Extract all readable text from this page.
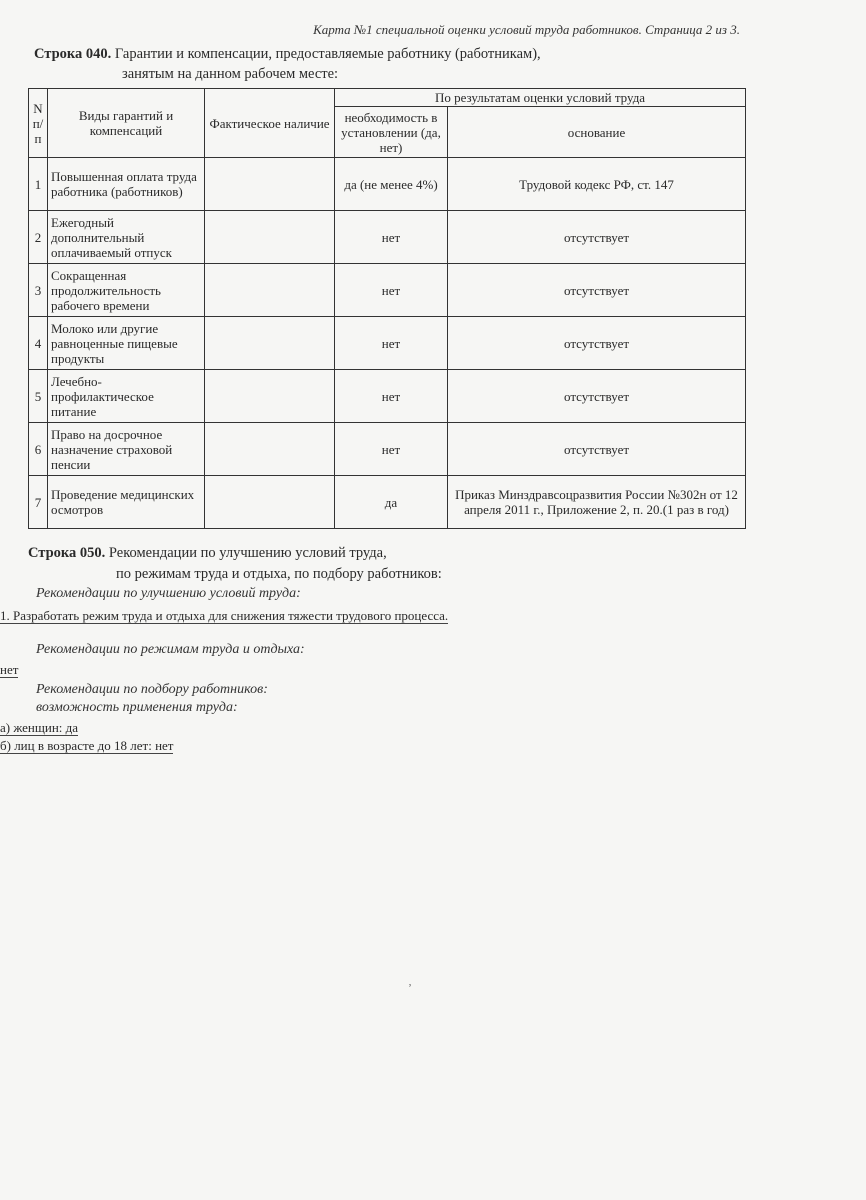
Карта №1 специальной оценки условий труда работников. Страница 2 из 3.
Строка 040. Гарантии и компенсации, предоставляемые работнику (работникам),
занятым на данном рабочем месте:
N п/п	Виды гарантий и компенсаций	Фактическое наличие	По результатам оценки условий труда	
			необходимость в установлении (да, нет)	основание
1	Повышенная оплата труда работника (работников)		да (не менее 4%)	Трудовой кодекс РФ, ст. 147
2	Ежегодный дополнительный оплачиваемый отпуск		нет	отсутствует
3	Сокращенная продолжительность рабочего времени		нет	отсутствует
4	Молоко или другие равноценные пищевые продукты		нет	отсутствует
5	Лечебно-профилактическое питание		нет	отсутствует
6	Право на досрочное назначение страховой пенсии		нет	отсутствует
7	Проведение медицинских осмотров		да	Приказ Минздравсоцразвития России №302н от 12 апреля 2011 г., Приложение 2, п. 20.(1 раз в год)
Строка 050. Рекомендации по улучшению условий труда,
по режимам труда и отдыха, по подбору работников:
Рекомендации по улучшению условий труда:
1. Разработать режим труда и отдыха для снижения тяжести трудового процесса.
Рекомендации по режимам труда и отдыха:
нет
Рекомендации по подбору работников:
возможность применения труда:
а) женщин: да
б) лиц в возрасте до 18 лет: нет
‚
